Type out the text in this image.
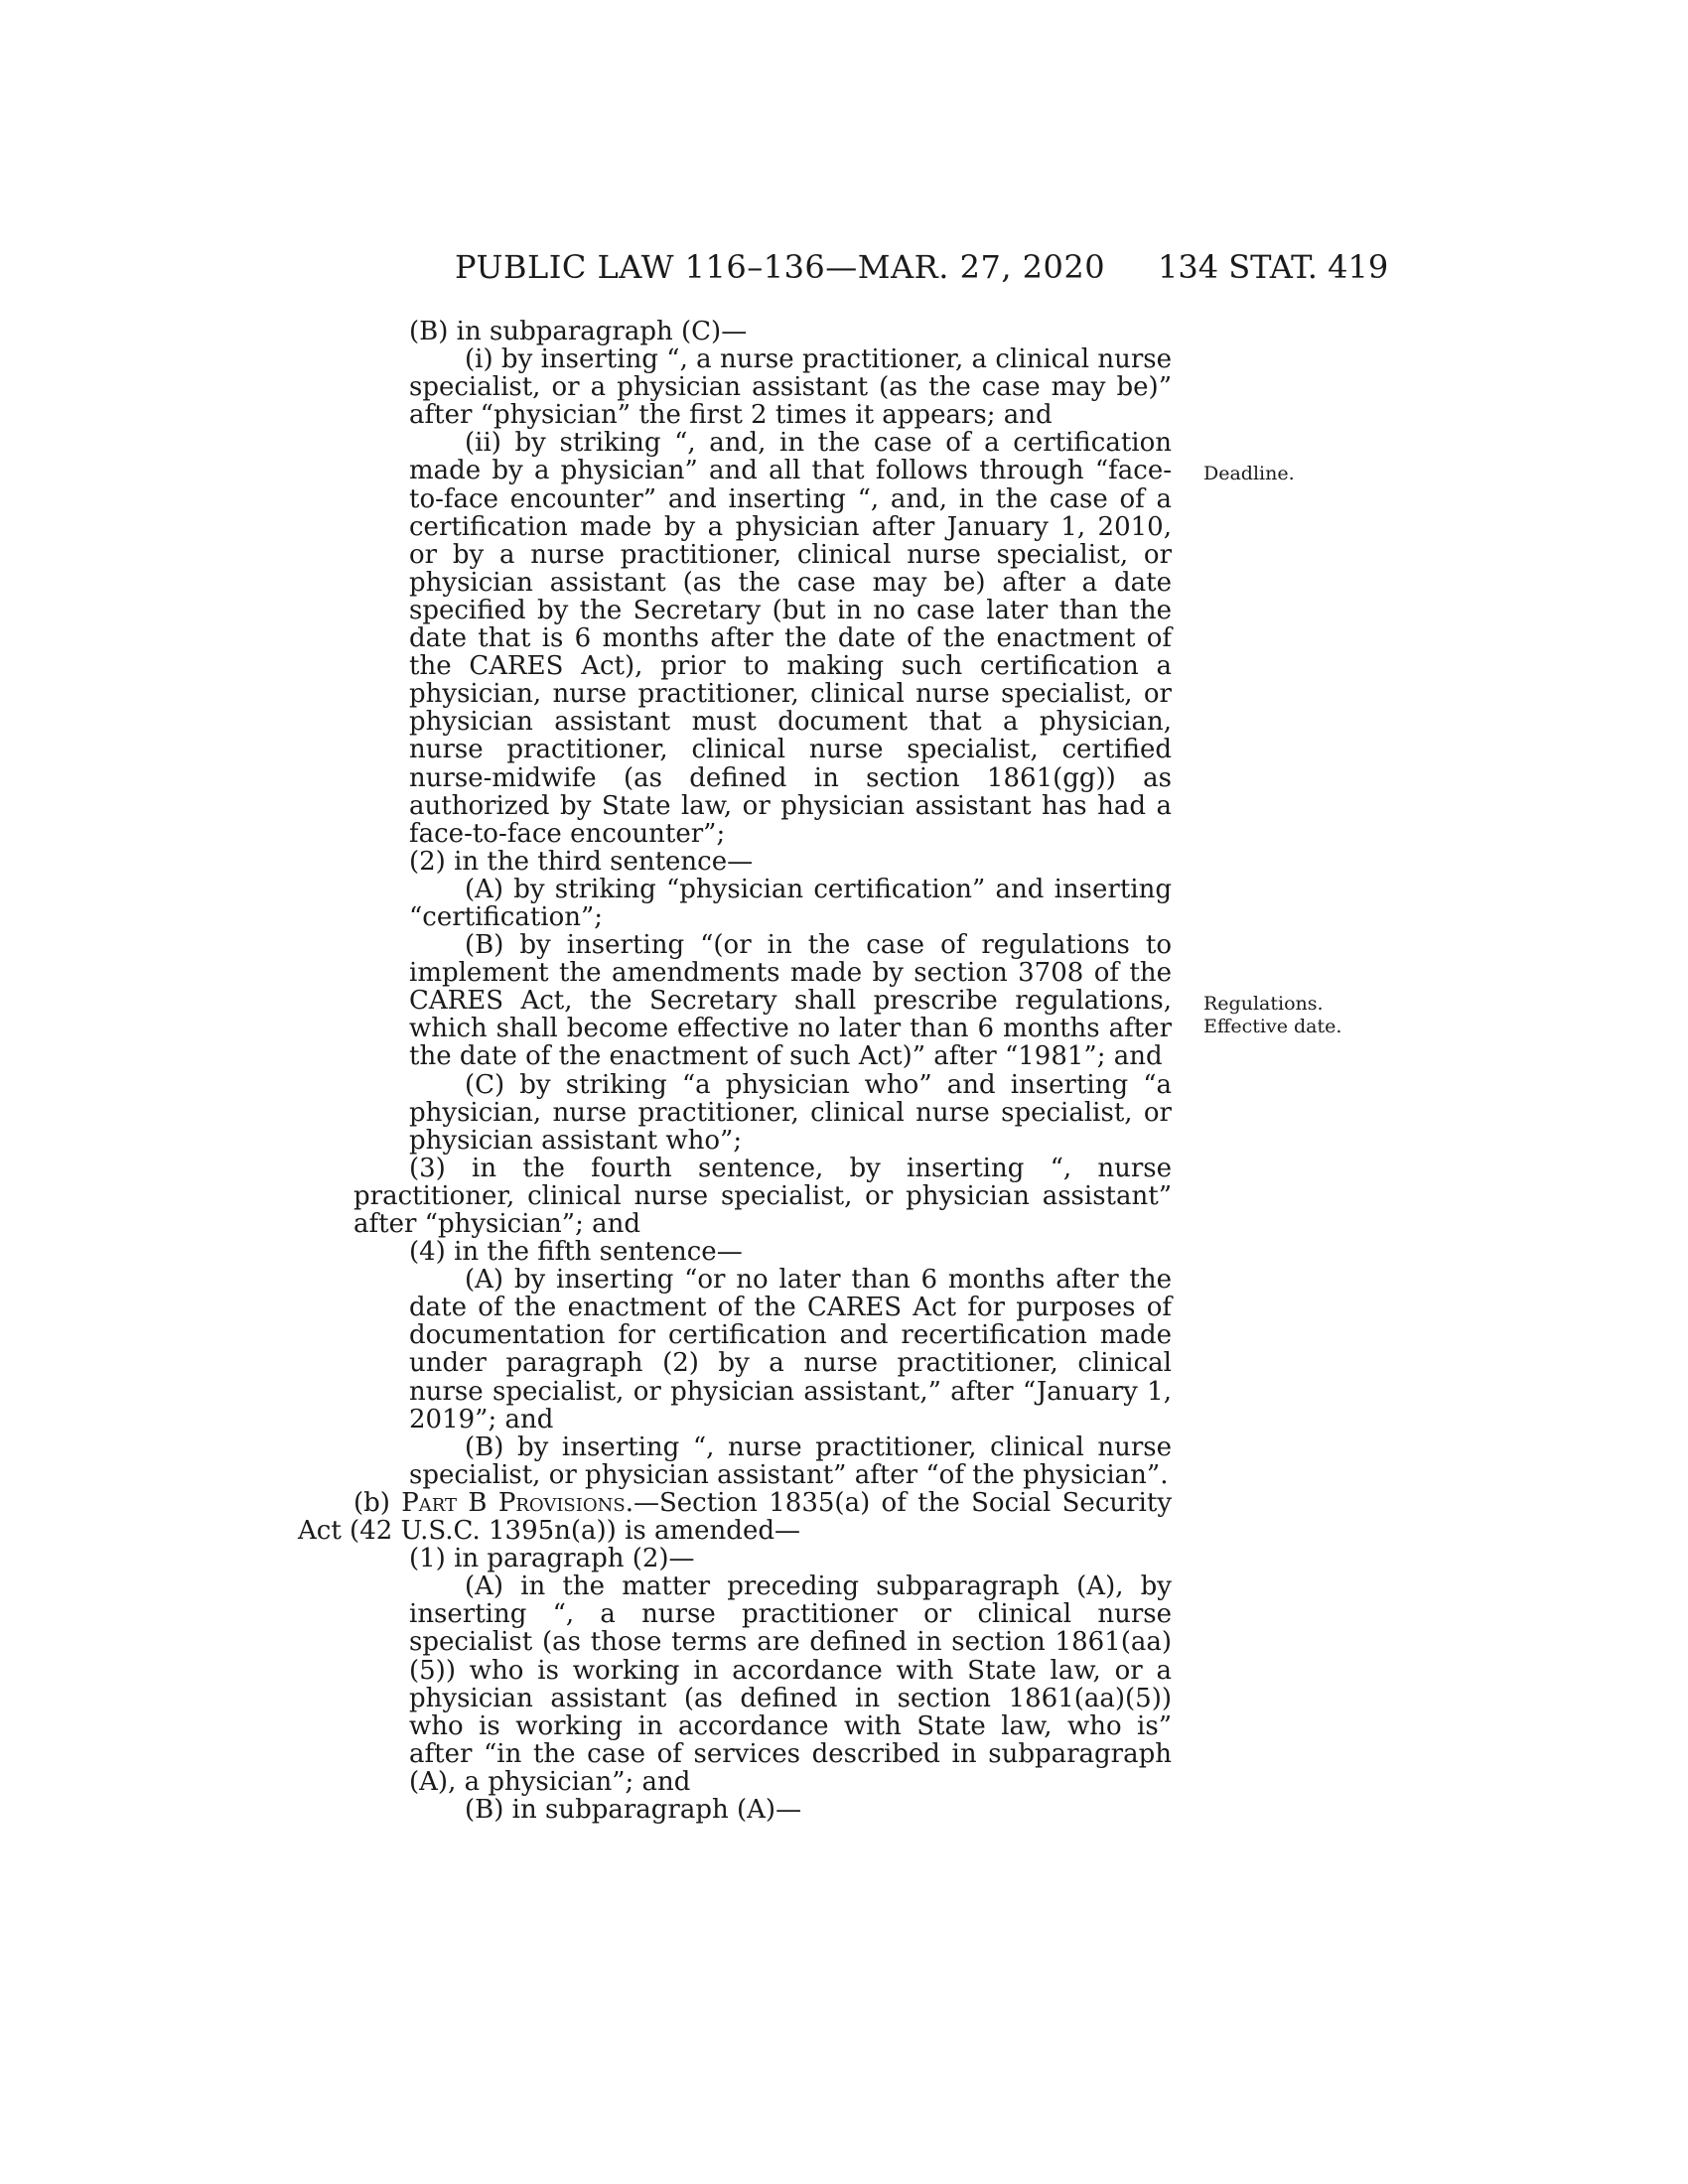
PUBLIC LAW 116–136—MAR. 27, 2020 134 STAT. 419

(B) in subparagraph (C)—

(i) by inserting “, a nurse practitioner, a clinical nurse specialist, or a physician assistant (as the case may be)” after “physician” the first 2 times it appears; and

(ii) by striking “, and, in the case of a certification made by a physician” and all that follows through “face-to-face encounter” and inserting “, and, in the case of a certification made by a physician after January 1, 2010, or by a nurse practitioner, clinical nurse specialist, or physician assistant (as the case may be) after a date specified by the Secretary (but in no case later than the date that is 6 months after the date of the enactment of the CARES Act), prior to making such certification a physician, nurse practitioner, clinical nurse specialist, or physician assistant must document that a physician, nurse practitioner, clinical nurse specialist, certified nurse-midwife (as defined in section 1861(gg)) as authorized by State law, or physician assistant has had a face-to-face encounter”;

(2) in the third sentence—

(A) by striking “physician certification” and inserting “certification”;

(B) by inserting “(or in the case of regulations to implement the amendments made by section 3708 of the CARES Act, the Secretary shall prescribe regulations, which shall become effective no later than 6 months after the date of the enactment of such Act)” after “1981”; and

(C) by striking “a physician who” and inserting “a physician, nurse practitioner, clinical nurse specialist, or physician assistant who”;

(3) in the fourth sentence, by inserting “, nurse practitioner, clinical nurse specialist, or physician assistant” after “physician”; and

(4) in the fifth sentence—

(A) by inserting “or no later than 6 months after the date of the enactment of the CARES Act for purposes of documentation for certification and recertification made under paragraph (2) by a nurse practitioner, clinical nurse specialist, or physician assistant,” after “January 1, 2019”; and

(B) by inserting “, nurse practitioner, clinical nurse specialist, or physician assistant” after “of the physician”.

(b) Part B Provisions.—Section 1835(a) of the Social Security Act (42 U.S.C. 1395n(a)) is amended—

(1) in paragraph (2)—

(A) in the matter preceding subparagraph (A), by inserting “, a nurse practitioner or clinical nurse specialist (as those terms are defined in section 1861(aa)(5)) who is working in accordance with State law, or a physician assistant (as defined in section 1861(aa)(5)) who is working in accordance with State law, who is” after “in the case of services described in subparagraph (A), a physician”; and

(B) in subparagraph (A)—

Deadline.
Regulations.
Effective date.
